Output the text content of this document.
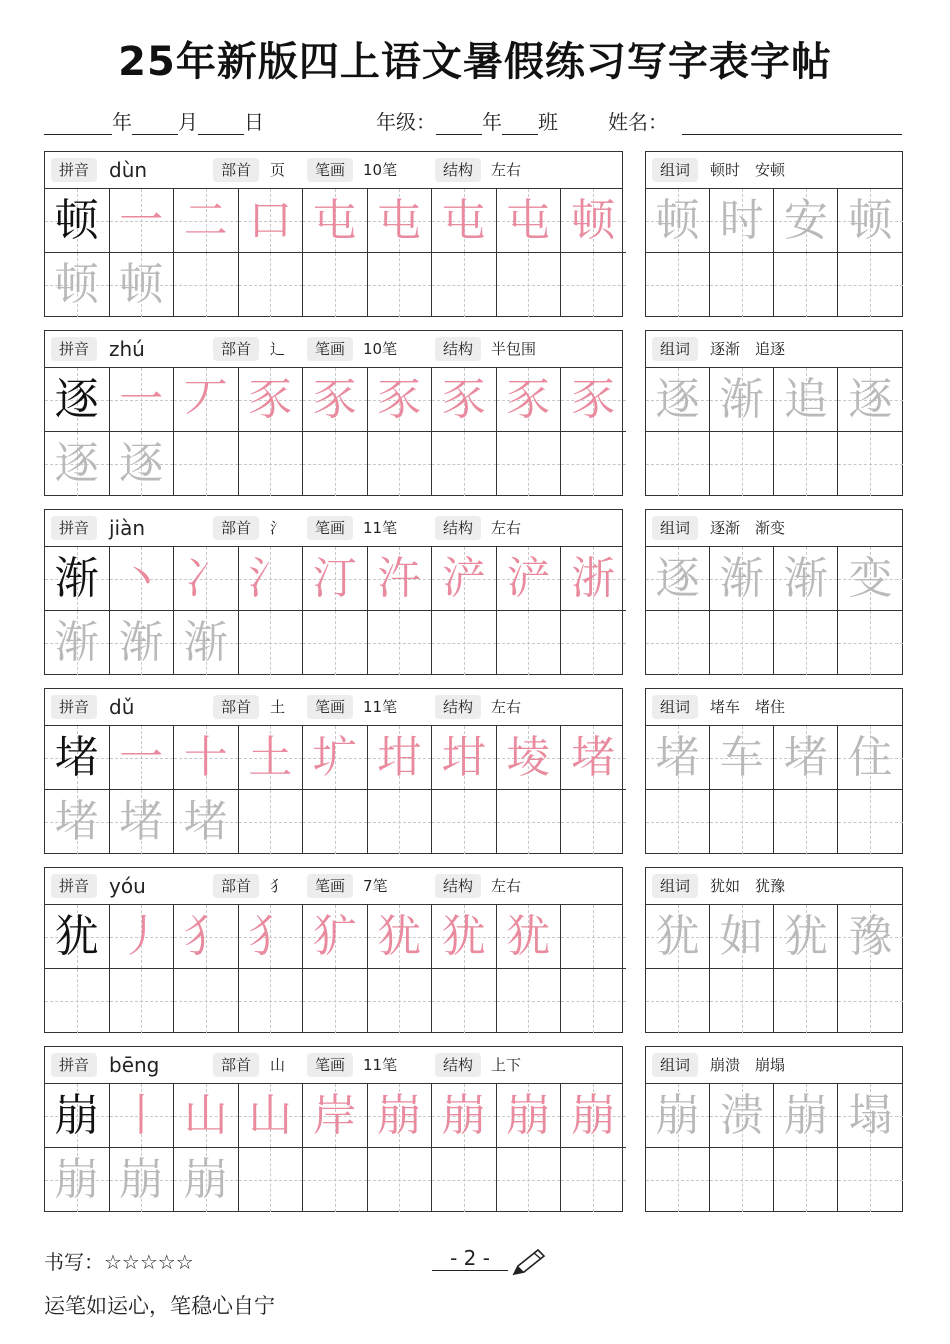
25年新版四上语文暑假练习写字表字帖
年 月 日	年级： 年 班	姓名：
拼音 dùn	部首	页	笔画	10笔	结构	左右
顿 一 二 口 屯 屯 屯 屯 顿
顿 顿
组词	顿时　安顿
顿 时 安 顿
拼音 zhú	部首	辶	笔画	10笔	结构	半包围
逐 一 丆 豕 豕 豕 豕 豕 豕
逐 逐
组词	逐渐　追逐
逐 渐 追 逐
拼音 jiàn	部首	氵	笔画	11笔	结构	左右
渐 丶 冫 氵 汀 汻 浐 浐 浙
渐 渐 渐
组词	逐渐　渐变
逐 渐 渐 变
拼音 dǔ	部首	土	笔画	11笔	结构	左右
堵 一 十 土 圹 坩 坩 堎 堵
堵 堵 堵
组词	堵车　堵住
堵 车 堵 住
拼音 yóu	部首	犭	笔画	7笔	结构	左右
犹 丿 犭 犭 犷 犹 犹 犹
组词	犹如　犹豫
犹 如 犹 豫
拼音 bēng	部首	山	笔画	11笔	结构	上下
崩 丨 山 山 岸 崩 崩 崩 崩
崩 崩 崩
组词	崩溃　崩塌
崩 溃 崩 塌
书写：☆☆☆☆☆	- 2 -
运笔如运心，笔稳心自宁
